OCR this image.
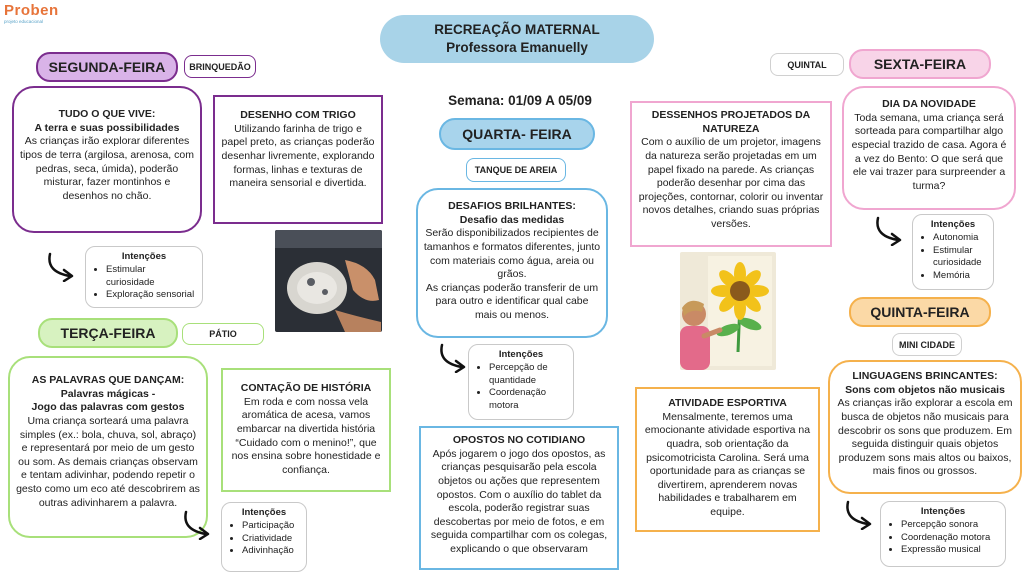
Proben
projeto educacional
RECREAÇÃO MATERNAL
Professora Emanuelly
Semana: 01/09 A 05/09
SEGUNDA-FEIRA	BRINQUEDÃO
TUDO O QUE VIVE:
A terra e suas possibilidades
As crianças irão explorar diferentes tipos de terra (argilosa, arenosa, com pedras, seca, úmida), poderão misturar, fazer montinhos e desenhos no chão.
DESENHO COM TRIGO
Utilizando farinha de trigo e papel preto, as crianças poderão desenhar livremente, explorando formas, linhas e texturas de maneira sensorial e divertida.
Intenções
• Estimular curiosidade
• Exploração sensorial
TERÇA-FEIRA	PÁTIO
AS PALAVRAS QUE DANÇAM:
Palavras mágicas -
Jogo das palavras com gestos
Uma criança sorteará uma palavra simples (ex.: bola, chuva, sol, abraço) e representará por meio de um gesto ou som. As demais crianças observam e tentam adivinhar, podendo repetir o gesto como um eco até descobrirem as outras adivinharem a palavra.
CONTAÇÃO DE HISTÓRIA
Em roda e com nossa vela aromática de acesa, vamos embarcar na divertida história “Cuidado com o menino!”, que nos ensina sobre honestidade e confiança.
Intenções
• Participação
• Criatividade
• Adivinhação
QUARTA- FEIRA
TANQUE DE AREIA
DESAFIOS BRILHANTES:
Desafio das medidas
Serão disponibilizados recipientes de tamanhos e formatos diferentes, junto com materiais como água, areia ou grãos.
As crianças poderão transferir de um para outro e identificar qual cabe mais ou menos.
Intenções
• Percepção de quantidade
• Coordenação motora
OPOSTOS NO COTIDIANO
Após jogarem o jogo dos opostos, as crianças pesquisarão pela escola objetos ou ações que representem opostos. Com o auxílio do tablet da escola, poderão registrar suas descobertas por meio de fotos, e em seguida compartilhar com os colegas, explicando o que observaram
QUINTAL	SEXTA-FEIRA
DIA DA NOVIDADE
Toda semana, uma criança será sorteada para compartilhar algo especial trazido de casa. Agora é a vez do Bento: O que será que ele vai trazer para surpreender a turma?
DESSENHOS PROJETADOS DA NATUREZA
Com o auxílio de um projetor, imagens da natureza serão projetadas em um papel fixado na parede. As crianças poderão desenhar por cima das projeções, contornar, colorir ou inventar novos detalhes, criando suas próprias versões.	Intenções
• Autonomia
• Estimular curiosidade
• Memória
QUINTA-FEIRA
MINI CIDADE
LINGUAGENS BRINCANTES:
Sons com objetos não musicais
As crianças irão explorar a escola em busca de objetos não musicais para descobrir os sons que produzem. Em seguida distinguir quais objetos produzem sons mais altos ou baixos, mais finos ou grossos.
ATIVIDADE ESPORTIVA
Mensalmente, teremos uma emocionante atividade esportiva na quadra, sob orientação da psicomotricista Carolina. Será uma oportunidade para as crianças se divertirem, aprenderem novas habilidades e trabalharem em equipe.	Intenções
• Percepção sonora
• Coordenação motora
• Expressão musical
